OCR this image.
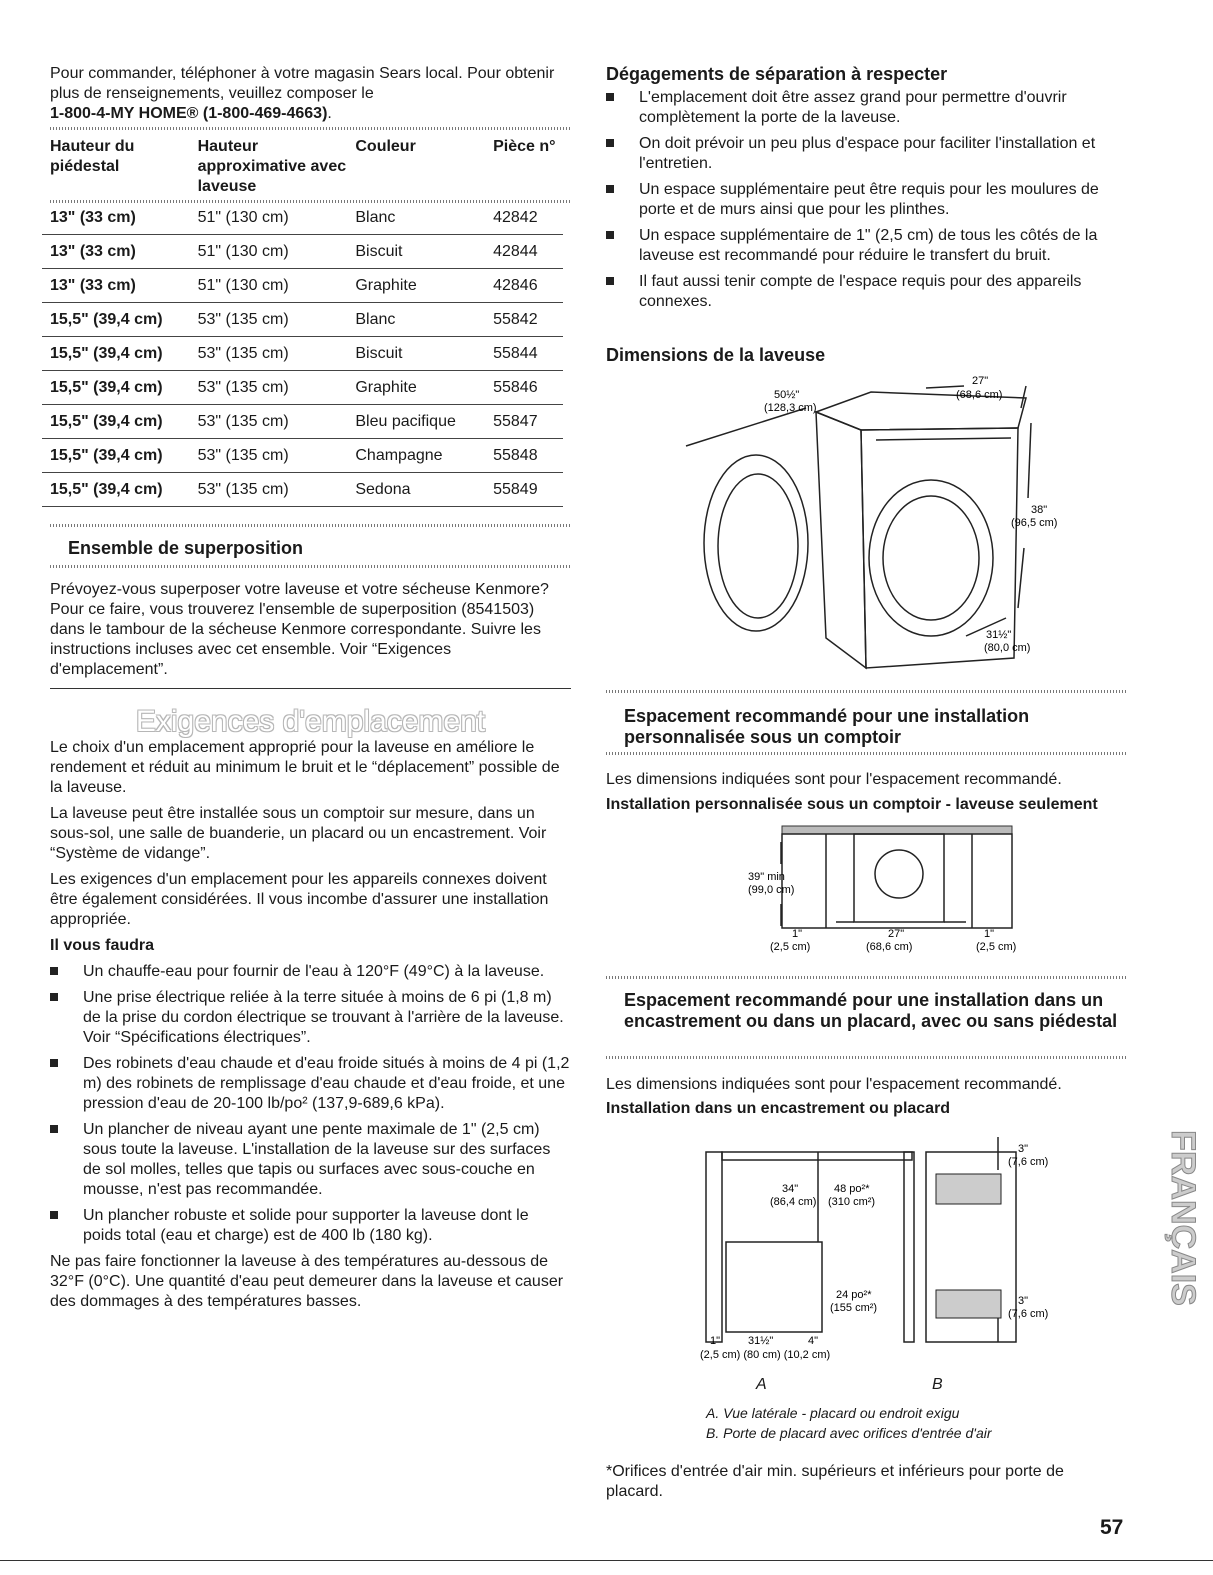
Pour commander, téléphoner à votre magasin Sears local. Pour obtenir plus de renseignements, veuillez composer le
1-800-4-MY HOME® (1-800-469-4663).

Hauteur du piédestal	Hauteur approximative avec laveuse	Couleur	Pièce n°
13" (33 cm)	51" (130 cm)	Blanc	42842
13" (33 cm)	51" (130 cm)	Biscuit	42844
13" (33 cm)	51" (130 cm)	Graphite	42846
15,5" (39,4 cm)	53" (135 cm)	Blanc	55842
15,5" (39,4 cm)	53" (135 cm)	Biscuit	55844
15,5" (39,4 cm)	53" (135 cm)	Graphite	55846
15,5" (39,4 cm)	53" (135 cm)	Bleu pacifique	55847
15,5" (39,4 cm)	53" (135 cm)	Champagne	55848
15,5" (39,4 cm)	53" (135 cm)	Sedona	55849

Ensemble de superposition

Prévoyez-vous superposer votre laveuse et votre sécheuse Kenmore? Pour ce faire, vous trouverez l'ensemble de superposition (8541503) dans le tambour de la sécheuse Kenmore correspondante. Suivre les instructions incluses avec cet ensemble. Voir “Exigences d'emplacement”.

Exigences d'emplacement

Le choix d'un emplacement approprié pour la laveuse en améliore le rendement et réduit au minimum le bruit et le “déplacement” possible de la laveuse.

La laveuse peut être installée sous un comptoir sur mesure, dans un sous-sol, une salle de buanderie, un placard ou un encastrement. Voir “Système de vidange”.

Les exigences d'un emplacement pour les appareils connexes doivent être également considérées. Il vous incombe d'assurer une installation appropriée.

Il vous faudra

Un chauffe-eau pour fournir de l'eau à 120°F (49°C) à la laveuse.
Une prise électrique reliée à la terre située à moins de 6 pi (1,8 m) de la prise du cordon électrique se trouvant à l'arrière de la laveuse. Voir “Spécifications électriques”.
Des robinets d'eau chaude et d'eau froide situés à moins de 4 pi (1,2 m) des robinets de remplissage d'eau chaude et d'eau froide, et une pression d'eau de 20-100 lb/po² (137,9-689,6 kPa).
Un plancher de niveau ayant une pente maximale de 1" (2,5 cm) sous toute la laveuse. L'installation de la laveuse sur des surfaces de sol molles, telles que tapis ou surfaces avec sous-couche en mousse, n'est pas recommandée.
Un plancher robuste et solide pour supporter la laveuse dont le poids total (eau et charge) est de 400 lb (180 kg).

Ne pas faire fonctionner la laveuse à des températures au-dessous de 32°F (0°C). Une quantité d'eau peut demeurer dans la laveuse et causer des dommages à des températures basses.

Dégagements de séparation à respecter

L'emplacement doit être assez grand pour permettre d'ouvrir complètement la porte de la laveuse.
On doit prévoir un peu plus d'espace pour faciliter l'installation et l'entretien.
Un espace supplémentaire peut être requis pour les moulures de porte et de murs ainsi que pour les plinthes.
Un espace supplémentaire de 1" (2,5 cm) de tous les côtés de la laveuse est recommandé pour réduire le transfert du bruit.
Il faut aussi tenir compte de l'espace requis pour des appareils connexes.

Dimensions de la laveuse

50½"
(128,3 cm)
27"
(68,6 cm)
38"
(96,5 cm)
31½"
(80,0 cm)

Espacement recommandé pour une installation personnalisée sous un comptoir

Les dimensions indiquées sont pour l'espacement recommandé.

Installation personnalisée sous un comptoir - laveuse seulement

39" min
(99,0 cm)
1"
(2,5 cm)
27"
(68,6 cm)
1"
(2,5 cm)

Espacement recommandé pour une installation dans un encastrement ou dans un placard, avec ou sans piédestal

Les dimensions indiquées sont pour l'espacement recommandé.

Installation dans un encastrement ou placard

34"
(86,4 cm)
48 po²*
(310 cm²)
24 po²*
(155 cm²)
3"
(7,6 cm)
3"
(7,6 cm)
1"	31½"	4"
(2,5 cm) (80 cm) (10,2 cm)
A	B

A. Vue latérale - placard ou endroit exigu

B. Porte de placard avec orifices d'entrée d'air

*Orifices d'entrée d'air min. supérieurs et inférieurs pour porte de placard.

FRANÇAIS
57
